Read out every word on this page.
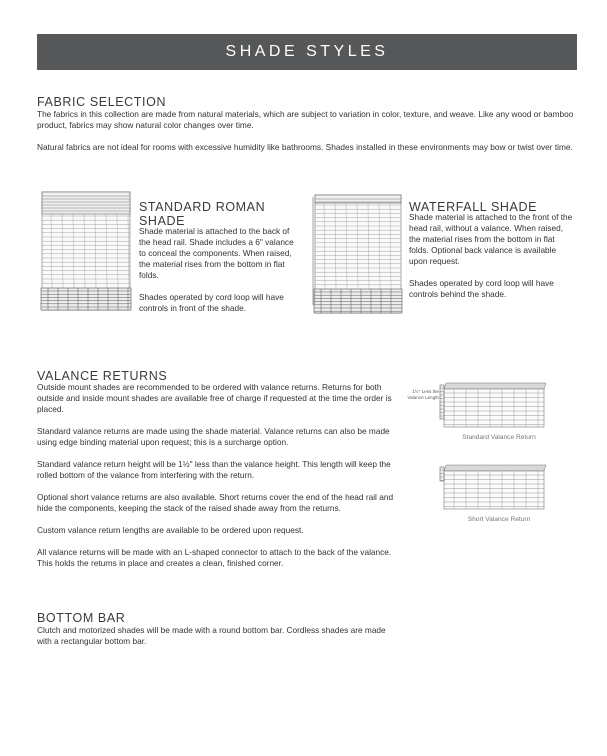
SHADE STYLES
FABRIC SELECTION

The fabrics in this collection are made from natural materials, which are subject to variation in color, texture, and weave. Like any wood or bamboo product, fabrics may show natural color changes over time.

Natural fabrics are not ideal for rooms with excessive humidity like bathrooms. Shades installed in these environments may bow or twist over time.

STANDARD ROMAN SHADE

Shade material is attached to the back of the head rail. Shade includes a 6" valance to conceal the components. When raised, the material rises from the bottom in flat folds.

Shades operated by cord loop will have controls in front of the shade.

WATERFALL SHADE

Shade material is attached to the front of the head rail, without a valance. When raised, the material rises from the bottom in flat folds. Optional back valance is available upon request.

Shades operated by cord loop will have controls behind the shade.

VALANCE RETURNS

Outside mount shades are recommended to be ordered with valance returns. Returns for both outside and inside mount shades are available free of charge if requested at the time the order is placed.

Standard valance returns are made using the shade material. Valance returns can also be made using edge binding material upon request; this is a surcharge option.

Standard valance return height will be 1½" less than the valance height. This length will keep the rolled bottom of the valance from interfering with the return.

Optional short valance returns are also available. Short returns cover the end of the head rail and hide the components, keeping the stack of the raised shade away from the returns.

Custom valance return lengths are available to be ordered upon request.

All valance returns will be made with an L-shaped connector to attach to the back of the valance. This holds the returns in place and creates a clean, finished corner.

1½" Less the Valance Length
Standard Valance Return
Short Valance Return
BOTTOM BAR

Clutch and motorized shades will be made with a round bottom bar. Cordless shades are made with a rectangular bottom bar.
